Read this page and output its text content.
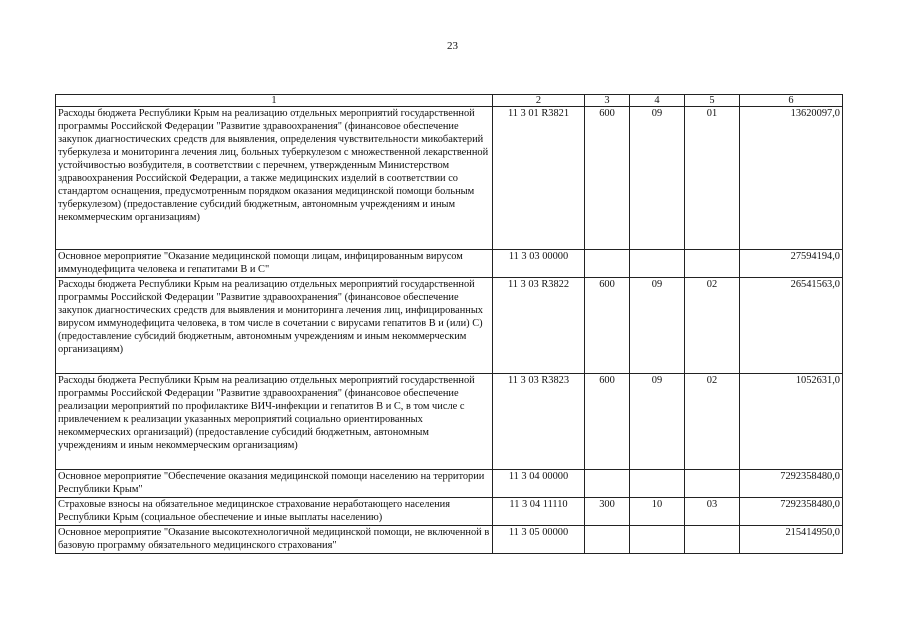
23
1	2	3	4	5	6
Расходы бюджета Республики Крым на реализацию отдельных мероприятий государственной программы Российской Федерации "Развитие здравоохранения" (финансовое обеспечение закупок диагностических средств для выявления, определения чувствительности микобактерий туберкулеза и мониторинга лечения лиц, больных туберкулезом с множественной лекарственной устойчивостью возбудителя, в соответствии с перечнем, утвержденным Министерством здравоохранения Российской Федерации, а также медицинских изделий в соответствии со стандартом оснащения, предусмотренным порядком оказания медицинской помощи больным туберкулезом) (предоставление субсидий бюджетным, автономным учреждениям и иным некоммерческим организациям)	11 3 01 R3821	600	09	01	13620097,0
Основное мероприятие "Оказание медицинской помощи лицам, инфицированным вирусом иммунодефицита человека и гепатитами В и С"	11 3 03 00000				27594194,0
Расходы бюджета Республики Крым на реализацию отдельных мероприятий государственной программы Российской Федерации "Развитие здравоохранения" (финансовое обеспечение закупок диагностических средств для выявления и мониторинга лечения лиц, инфицированных вирусом иммунодефицита человека, в том числе в сочетании с вирусами гепатитов В и (или) С) (предоставление субсидий бюджетным, автономным учреждениям и иным некоммерческим организациям)	11 3 03 R3822	600	09	02	26541563,0
Расходы бюджета Республики Крым на реализацию отдельных мероприятий государственной программы Российской Федерации "Развитие здравоохранения" (финансовое обеспечение реализации мероприятий по профилактике ВИЧ-инфекции и гепатитов В и С, в том числе с привлечением к реализации указанных мероприятий социально ориентированных некоммерческих организаций) (предоставление субсидий бюджетным, автономным учреждениям и иным некоммерческим организациям)	11 3 03 R3823	600	09	02	1052631,0
Основное мероприятие "Обеспечение оказания медицинской помощи населению на территории Республики Крым"	11 3 04 00000				7292358480,0
Страховые взносы на обязательное медицинское страхование неработающего населения Республики Крым (социальное обеспечение и иные выплаты населению)	11 3 04 11110	300	10	03	7292358480,0
Основное мероприятие "Оказание высокотехнологичной медицинской помощи, не включенной в базовую программу обязательного медицинского страхования"	11 3 05 00000				215414950,0
